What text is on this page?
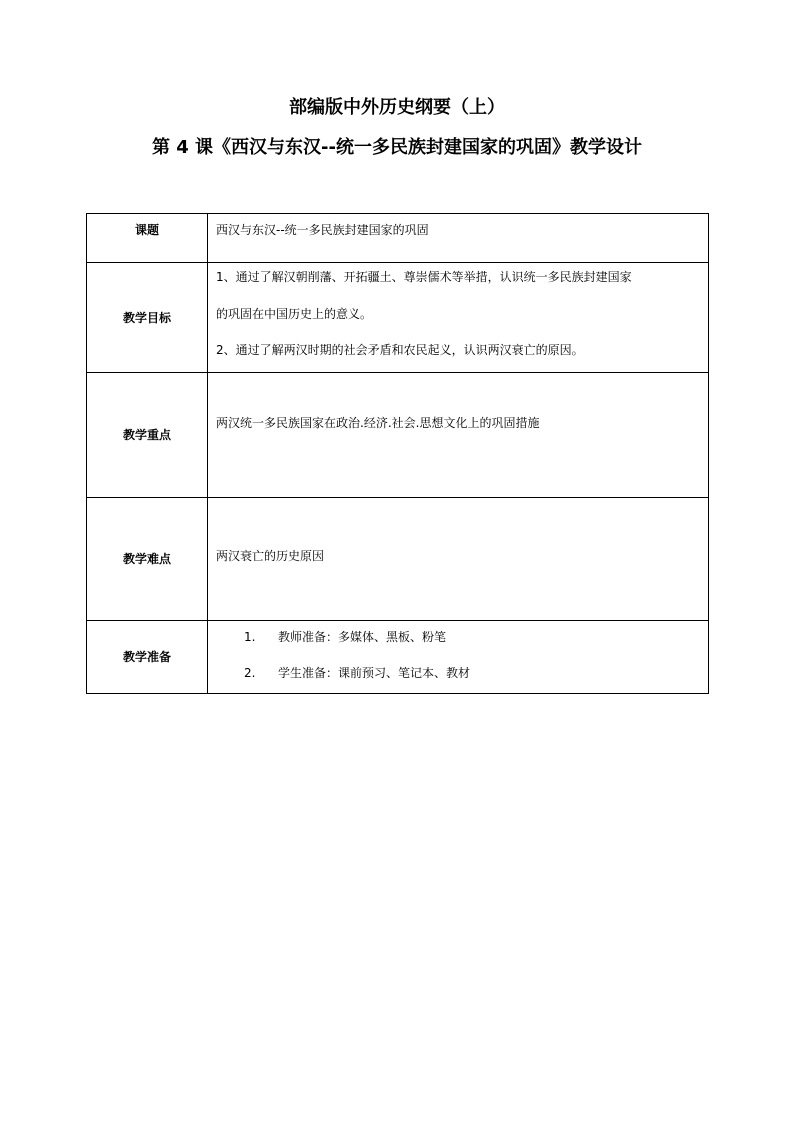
部编版中外历史纲要（上）
第 4 课《西汉与东汉--统一多民族封建国家的巩固》教学设计
课题	西汉与东汉--统一多民族封建国家的巩固
教学目标	1、通过了解汉朝削藩、开拓疆土、尊崇儒术等举措，认识统一多民族封建国家
的巩固在中国历史上的意义。
2、通过了解两汉时期的社会矛盾和农民起义，认识两汉衰亡的原因。

教学重点	两汉统一多民族国家在政治.经济.社会.思想文化上的巩固措施

教学难点	两汉衰亡的历史原因

教学准备	1. 教师准备：多媒体、黑板、粉笔
2. 学生准备：课前预习、笔记本、教材
